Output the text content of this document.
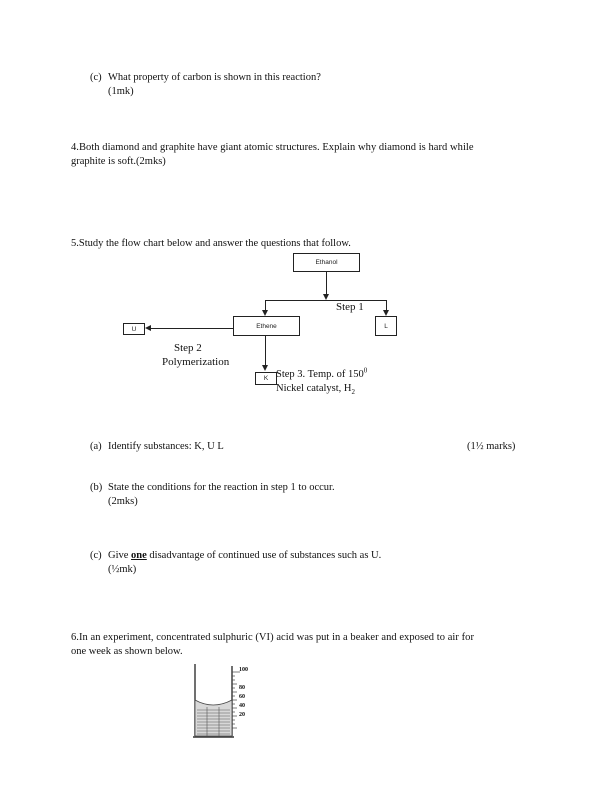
(c) What property of carbon is shown in this reaction?
(1mk)
4.Both diamond and graphite have giant atomic structures. Explain why diamond is hard while
graphite is soft.(2mks)
5.Study the flow chart below and answer the questions that follow.
Ethanol
Step 1
Ethene	L
U
Step 2
Polymerization
K Step 3. Temp. of $150^0$
Nickel catalyst, $H_2$
(a) Identify substances: K, U L	(1½ marks)
(b) State the conditions for the reaction in step 1 to occur.
(2mks)
(c) Give one disadvantage of continued use of substances such as U.
(½mk)
6.In an experiment, concentrated sulphuric (VI) acid was put in a beaker and exposed to air for
one week as shown below.
100
80
60
40
20
